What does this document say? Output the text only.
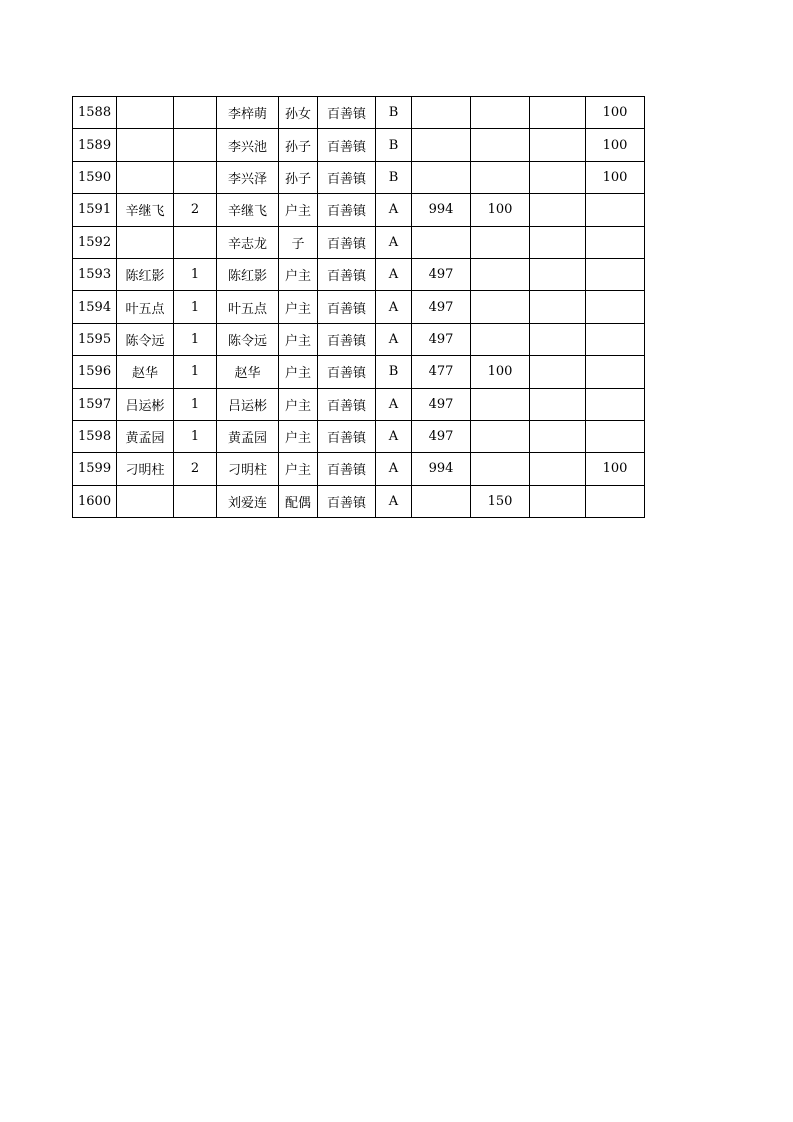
1588			李梓萌	孙女	百善镇	B				100
1589			李兴池	孙子	百善镇	B				100
1590			李兴泽	孙子	百善镇	B				100
1591	辛继飞	2	辛继飞	户主	百善镇	A	994	100		
1592			辛志龙	子	百善镇	A				
1593	陈红影	1	陈红影	户主	百善镇	A	497			
1594	叶五点	1	叶五点	户主	百善镇	A	497			
1595	陈令远	1	陈令远	户主	百善镇	A	497			
1596	赵华	1	赵华	户主	百善镇	B	477	100		
1597	吕运彬	1	吕运彬	户主	百善镇	A	497			
1598	黄孟园	1	黄孟园	户主	百善镇	A	497			
1599	刁明柱	2	刁明柱	户主	百善镇	A	994			100
1600			刘爱连	配偶	百善镇	A		150		
